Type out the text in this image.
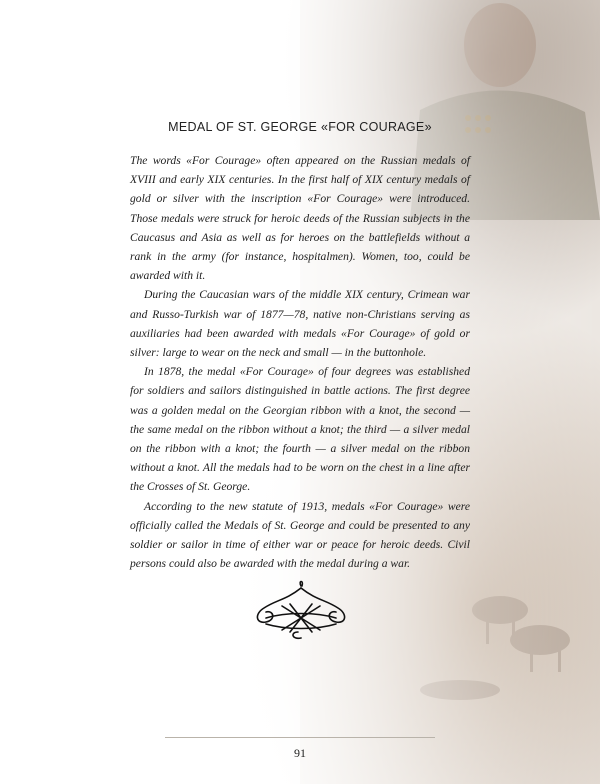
MEDAL OF ST. GEORGE «FOR COURAGE»

The words «For Courage» often appeared on the Russian medals of XVIII and early XIX centuries. In the first half of XIX century medals of gold or silver with the inscription «For Courage» were introduced. Those medals were struck for heroic deeds of the Russian subjects in the Caucasus and Asia as well as for heroes on the battlefields without a rank in the army (for instance, hospitalmen). Women, too, could be awarded with it.

During the Caucasian wars of the middle XIX century, Crimean war and Russo-Turkish war of 1877—78, native non-Christians serving as auxiliaries had been awarded with medals «For Courage» of gold or silver: large to wear on the neck and small — in the buttonhole.

In 1878, the medal «For Courage» of four degrees was established for soldiers and sailors distinguished in battle actions. The first degree was a golden medal on the Georgian ribbon with a knot, the second — the same medal on the ribbon without a knot; the third — a silver medal on the ribbon with a knot; the fourth — a silver medal on the ribbon without a knot. All the medals had to be worn on the chest in a line after the Crosses of St. George.

According to the new statute of 1913, medals «For Courage» were officially called the Medals of St. George and could be presented to any soldier or sailor in time of either war or peace for heroic deeds. Civil persons could also be awarded with the medal during a war.

91
